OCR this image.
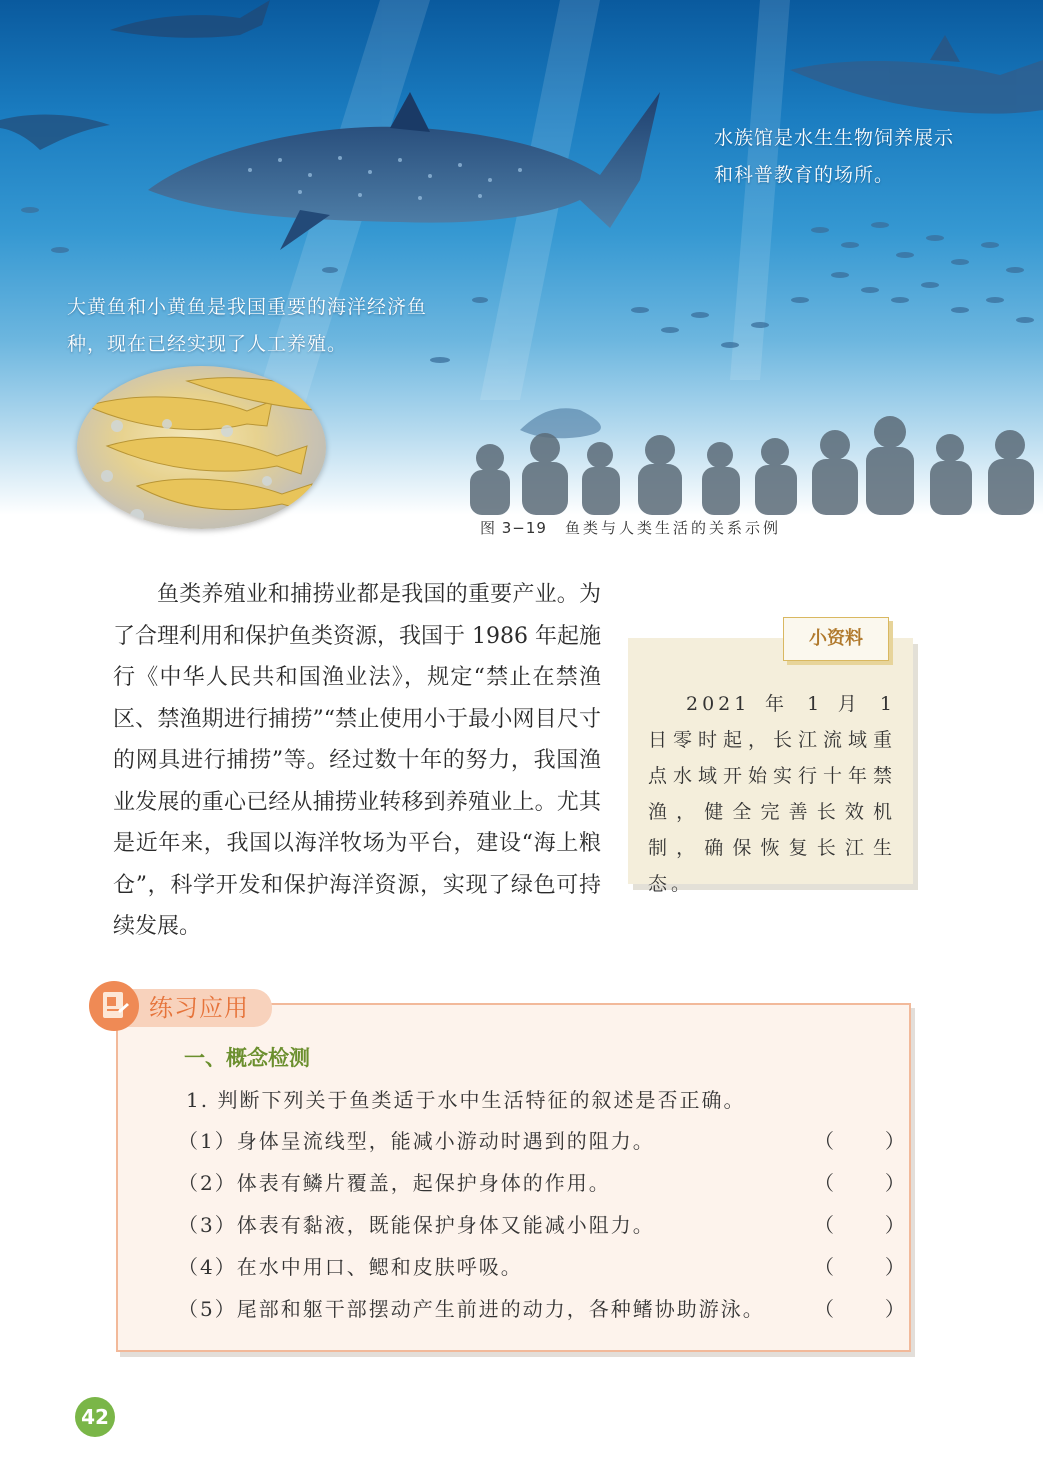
水族馆是水生生物饲养展示和科普教育的场所。
大黄鱼和小黄鱼是我国重要的海洋经济鱼种，现在已经实现了人工养殖。
图 3−19 鱼类与人类生活的关系示例

鱼类养殖业和捕捞业都是我国的重要产业。为了合理利用和保护鱼类资源，我国于 1986 年起施行《中华人民共和国渔业法》，规定“禁止在禁渔区、禁渔期进行捕捞”“禁止使用小于最小网目尺寸的网具进行捕捞”等。经过数十年的努力，我国渔业发展的重心已经从捕捞业转移到养殖业上。尤其是近年来，我国以海洋牧场为平台，建设“海上粮仓”，科学开发和保护海洋资源，实现了绿色可持续发展。

小资料
2021 年 1 月 1 日零时起，长江流域重点水域开始实行十年禁渔，健全完善长效机制，确保恢复长江生态。
练习应用
一、概念检测
1. 判断下列关于鱼类适于水中生活特征的叙述是否正确。
（1）身体呈流线型，能减小游动时遇到的阻力。	（        ）
（2）体表有鳞片覆盖，起保护身体的作用。	（        ）
（3）体表有黏液，既能保护身体又能减小阻力。	（        ）
（4）在水中用口、鳃和皮肤呼吸。	（        ）
（5）尾部和躯干部摆动产生前进的动力，各种鳍协助游泳。 （        ）
42
